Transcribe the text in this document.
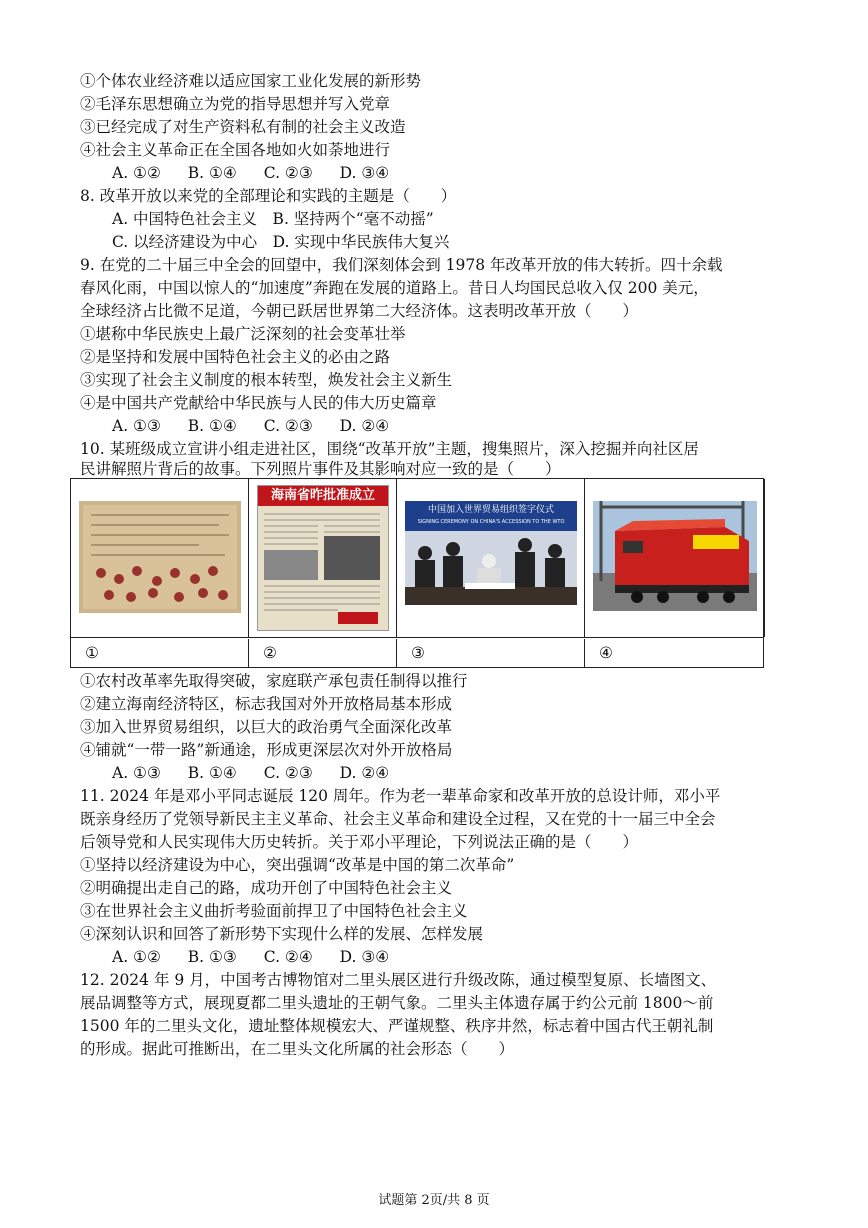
①个体农业经济难以适应国家工业化发展的新形势
②毛泽东思想确立为党的指导思想并写入党章
③已经完成了对生产资料私有制的社会主义改造
④社会主义革命正在全国各地如火如荼地进行
A. ①② B. ①④ C. ②③ D. ③④
8. 改革开放以来党的全部理论和实践的主题是（　　）
A. 中国特色社会主义　B. 坚持两个“毫不动摇”
C. 以经济建设为中心　D. 实现中华民族伟大复兴
9. 在党的二十届三中全会的回望中，我们深刻体会到 1978 年改革开放的伟大转折。四十余载
春风化雨，中国以惊人的“加速度”奔跑在发展的道路上。昔日人均国民总收入仅 200 美元，
全球经济占比微不足道，今朝已跃居世界第二大经济体。这表明改革开放（　　）
①堪称中华民族史上最广泛深刻的社会变革壮举
②是坚持和发展中国特色社会主义的必由之路
③实现了社会主义制度的根本转型，焕发社会主义新生
④是中国共产党献给中华民族与人民的伟大历史篇章
A. ①③ B. ①④ C. ②③ D. ②④
10. 某班级成立宣讲小组走进社区，围绕“改革开放”主题，搜集照片，深入挖掘并向社区居
民讲解照片背后的故事。下列照片事件及其影响对应一致的是（　　）
海南省昨批准成立
中国加入世界贸易组织签字仪式
SIGNING CEREMONY ON CHINA'S ACCESSION TO THE WTO
①	②	③	④
①农村改革率先取得突破，家庭联产承包责任制得以推行
②建立海南经济特区，标志我国对外开放格局基本形成
③加入世界贸易组织，以巨大的政治勇气全面深化改革
④铺就“一带一路”新通途，形成更深层次对外开放格局
A. ①③ B. ①④ C. ②③ D. ②④
11. 2024 年是邓小平同志诞辰 120 周年。作为老一辈革命家和改革开放的总设计师，邓小平
既亲身经历了党领导新民主主义革命、社会主义革命和建设全过程，又在党的十一届三中全会
后领导党和人民实现伟大历史转折。关于邓小平理论，下列说法正确的是（　　）
①坚持以经济建设为中心，突出强调“改革是中国的第二次革命”
②明确提出走自己的路，成功开创了中国特色社会主义
③在世界社会主义曲折考验面前捍卫了中国特色社会主义
④深刻认识和回答了新形势下实现什么样的发展、怎样发展
A. ①② B. ①③ C. ②④ D. ③④
12. 2024 年 9 月，中国考古博物馆对二里头展区进行升级改陈，通过模型复原、长墙图文、
展品调整等方式，展现夏都二里头遗址的王朝气象。二里头主体遗存属于约公元前 1800～前
1500 年的二里头文化，遗址整体规模宏大、严谨规整、秩序井然，标志着中国古代王朝礼制
的形成。据此可推断出，在二里头文化所属的社会形态（　　）
试题第 2页/共 8 页
